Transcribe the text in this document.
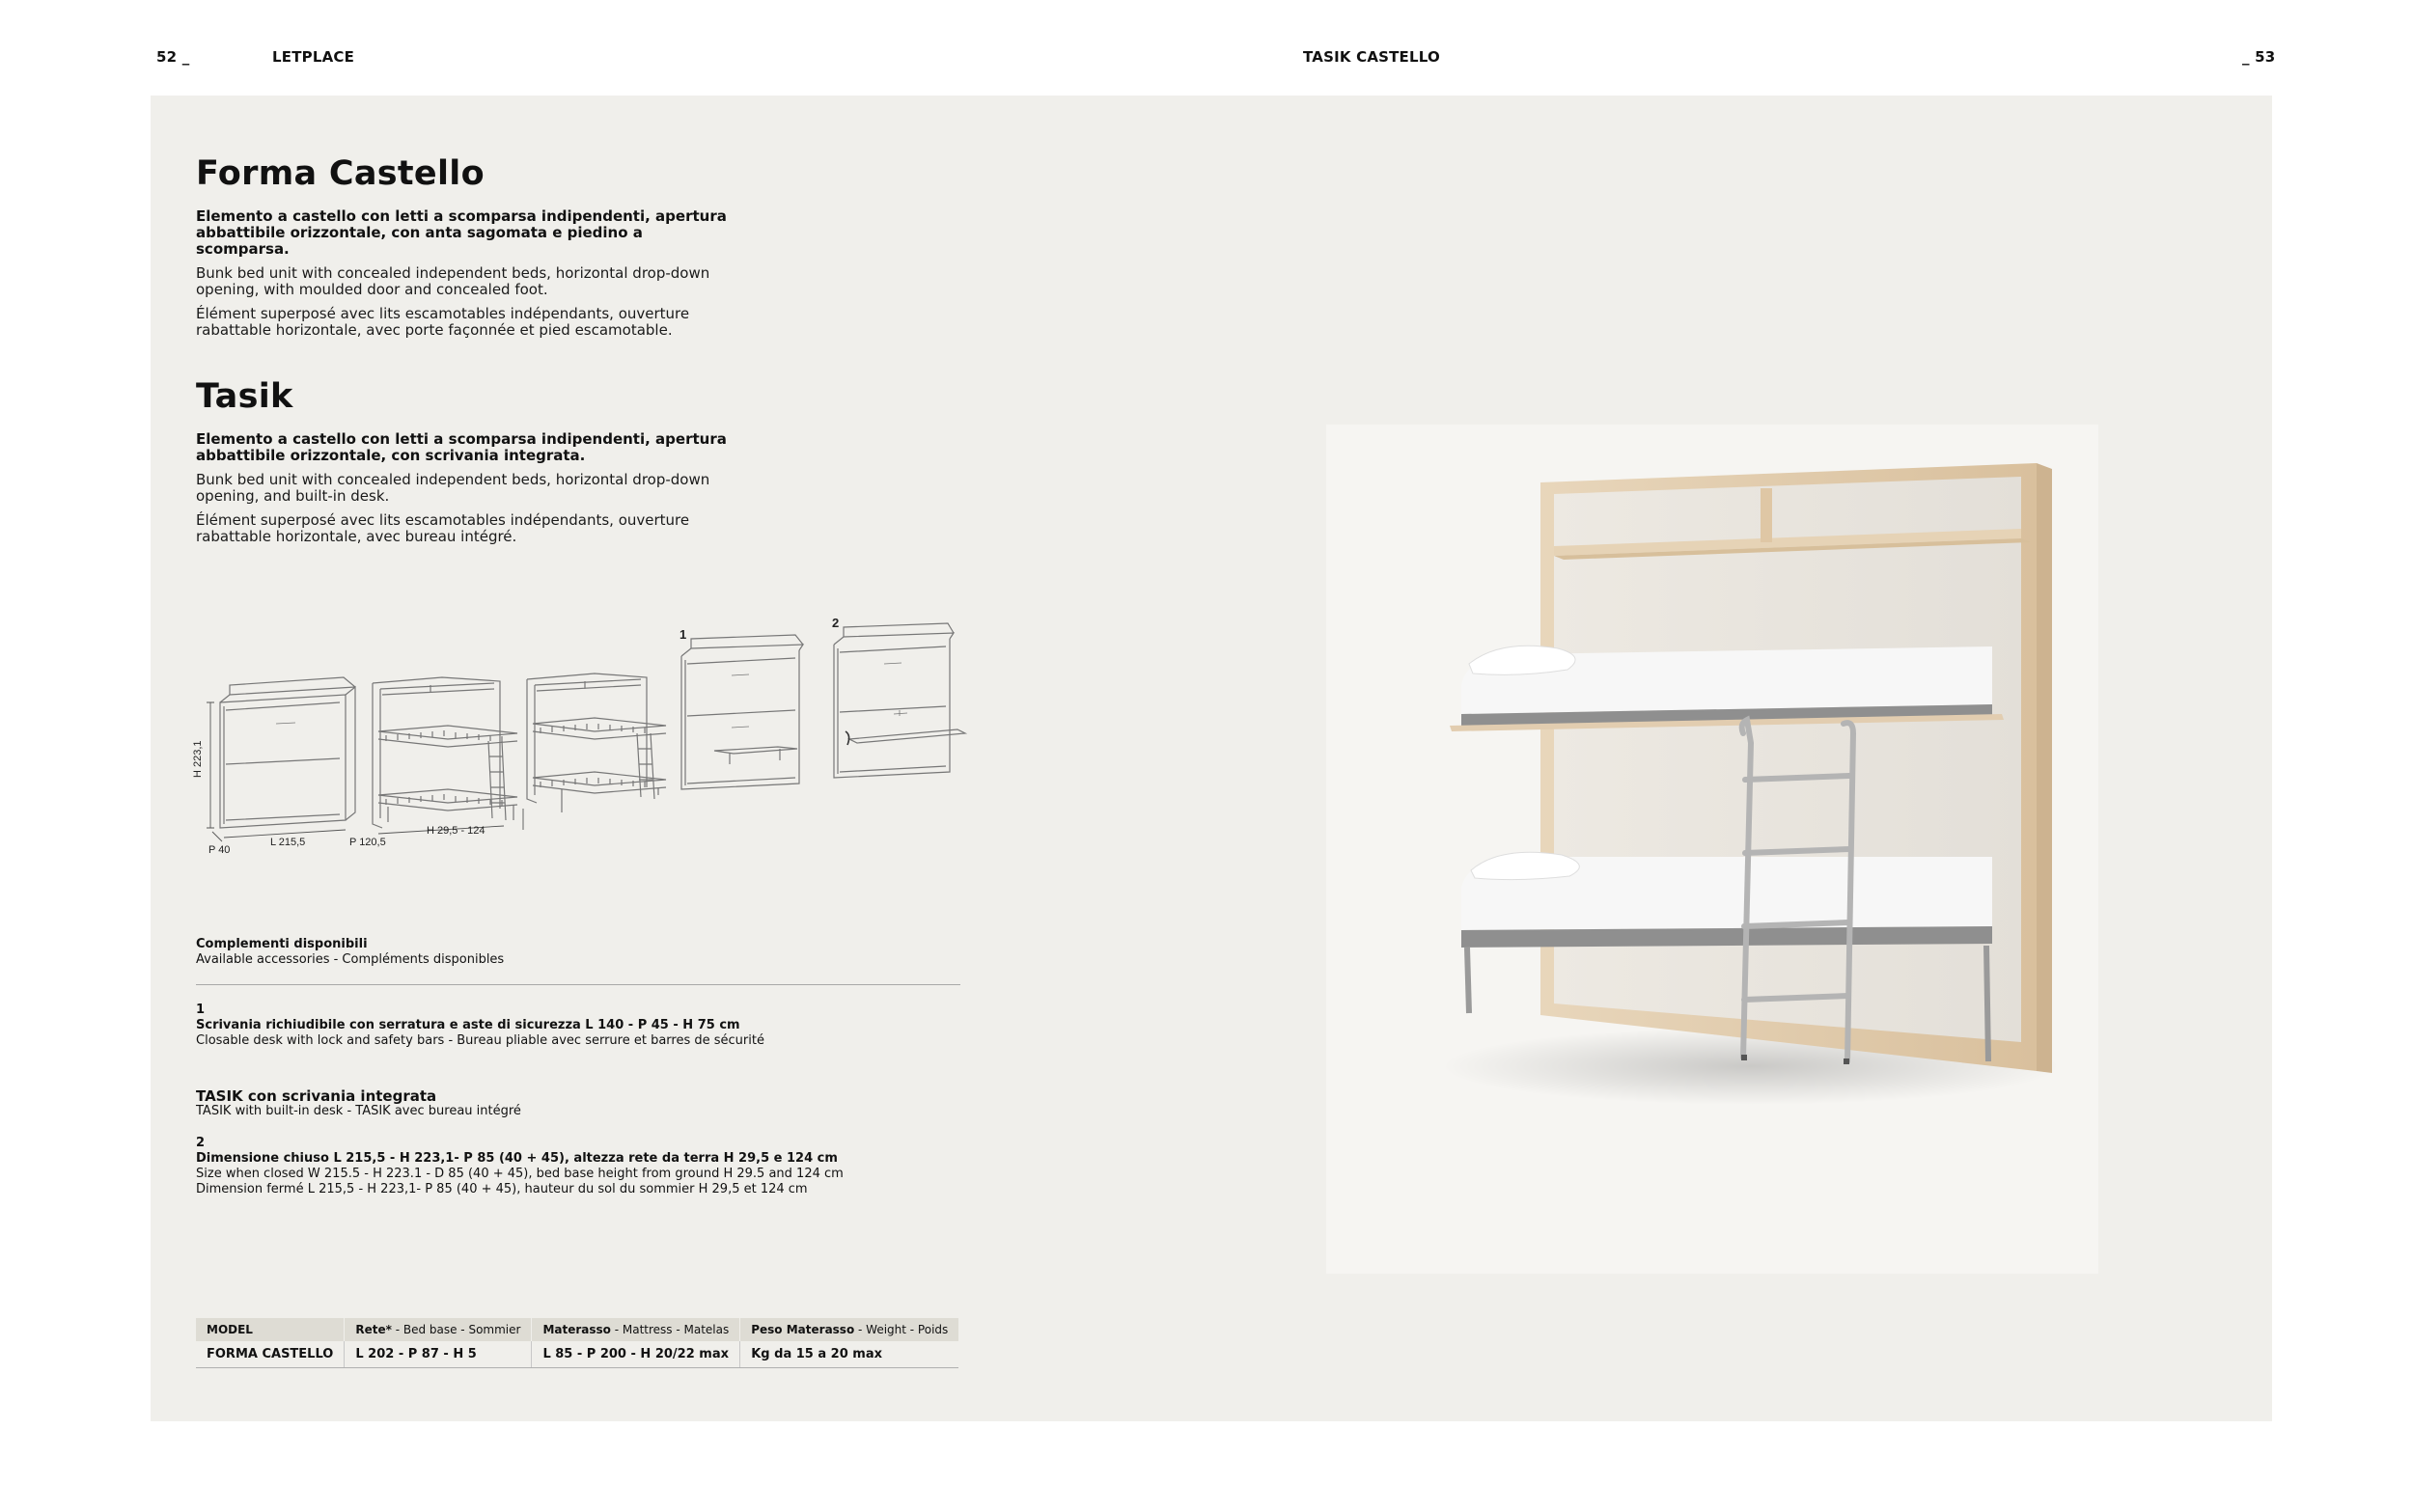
52 _	LETPLACE	TASIK CASTELLO	_ 53
Forma Castello
Elemento a castello con letti a scomparsa indipendenti, apertura abbattibile orizzontale, con anta sagomata e piedino a scomparsa.
Bunk bed unit with concealed independent beds, horizontal drop-down opening, with moulded door and concealed foot.
Élément superposé avec lits escamotables indépendants, ouverture rabattable horizontale, avec porte façonnée et pied escamotable.
Tasik
Elemento a castello con letti a scomparsa indipendenti, apertura abbattibile orizzontale, con scrivania integrata.
Bunk bed unit with concealed independent beds, horizontal drop-down opening, and built-in desk.
Élément superposé avec lits escamotables indépendants, ouverture rabattable horizontale, avec bureau intégré.
H 223,1
P 40
L 215,5	P 120,5
H 29,5 - 124
1
2
Complementi disponibili
Available accessories - Compléments disponibles
1
Scrivania richiudibile con serratura e aste di sicurezza L 140 - P 45 - H 75 cm
Closable desk with lock and safety bars - Bureau pliable avec serrure et barres de sécurité
TASIK con scrivania integrata
TASIK with built-in desk - TASIK avec bureau intégré
2
Dimensione chiuso L 215,5 - H 223,1- P 85 (40 + 45), altezza rete da terra H 29,5 e 124 cm
Size when closed W 215.5 - H 223.1 - D 85 (40 + 45), bed base height from ground H 29.5 and 124 cm
Dimension fermé L 215,5 - H 223,1- P 85 (40 + 45), hauteur du sol du sommier H 29,5 et 124 cm
MODEL	Rete* - Bed base - Sommier	Materasso - Mattress - Matelas	Peso Materasso - Weight - Poids
FORMA CASTELLO	L 202 - P 87 - H 5	L 85 - P 200 - H 20/22 max	Kg da 15 a 20 max
